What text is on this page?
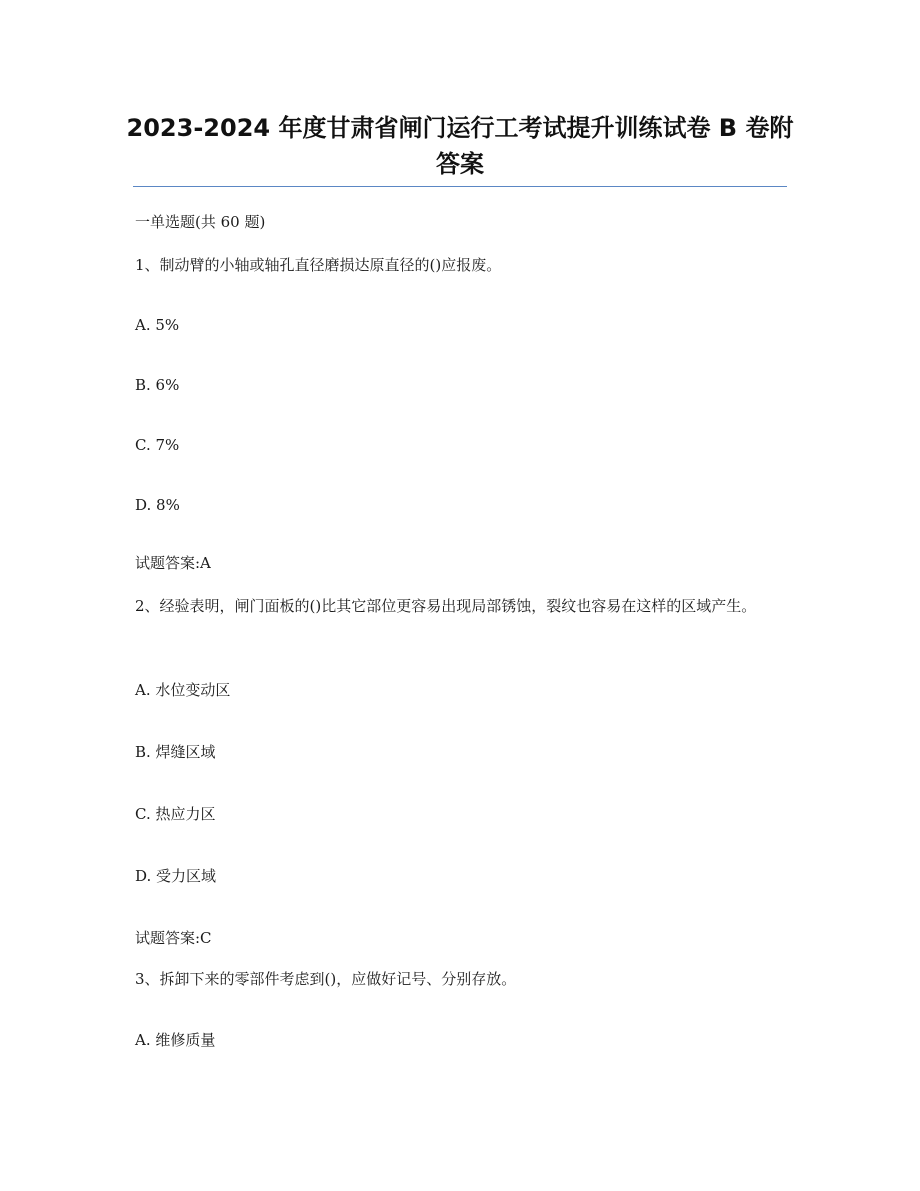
2023-2024 年度甘肃省闸门运行工考试提升训练试卷 B 卷附答案
一单选题(共 60 题)
1、制动臂的小轴或轴孔直径磨损达原直径的()应报废。
A. 5%
B. 6%
C. 7%
D. 8%
试题答案:A
2、经验表明，闸门面板的()比其它部位更容易出现局部锈蚀，裂纹也容易在这样的区域产生。
A. 水位变动区
B. 焊缝区域
C. 热应力区
D. 受力区域
试题答案:C
3、拆卸下来的零部件考虑到()，应做好记号、分别存放。
A. 维修质量
